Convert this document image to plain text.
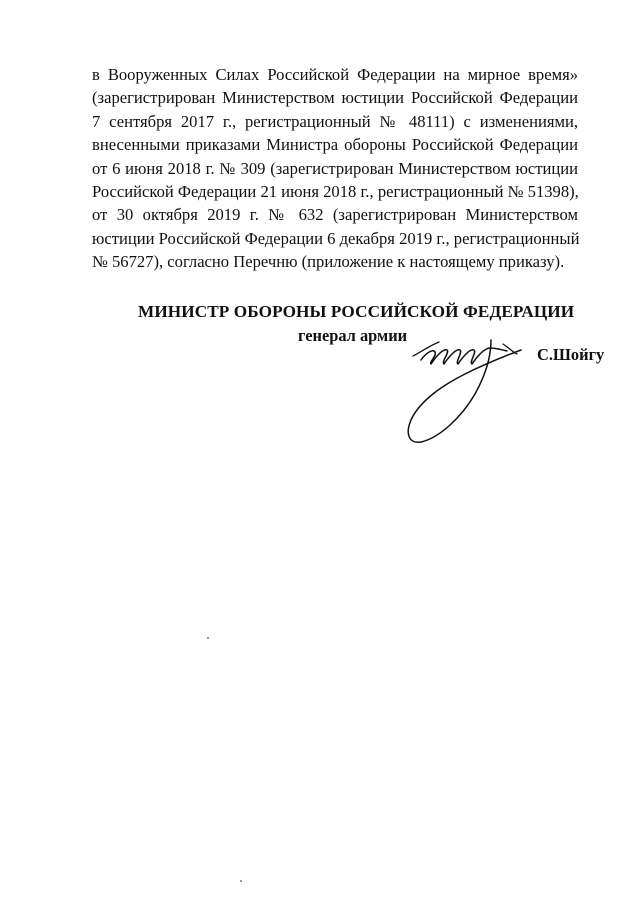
в Вооруженных Силах Российской Федерации на мирное время»
(зарегистрирован Министерством юстиции Российской Федерации
7 сентября 2017 г., регистрационный № 48111) с изменениями,
внесенными приказами Министра обороны Российской Федерации
от 6 июня 2018 г. № 309 (зарегистрирован Министерством юстиции
Российской Федерации 21 июня 2018 г., регистрационный № 51398),
от 30 октября 2019 г. № 632 (зарегистрирован Министерством
юстиции Российской Федерации 6 декабря 2019 г., регистрационный
№ 56727), согласно Перечню (приложение к настоящему приказу).
МИНИСТР ОБОРОНЫ РОССИЙСКОЙ ФЕДЕРАЦИИ
генерал армии
С.Шойгу
